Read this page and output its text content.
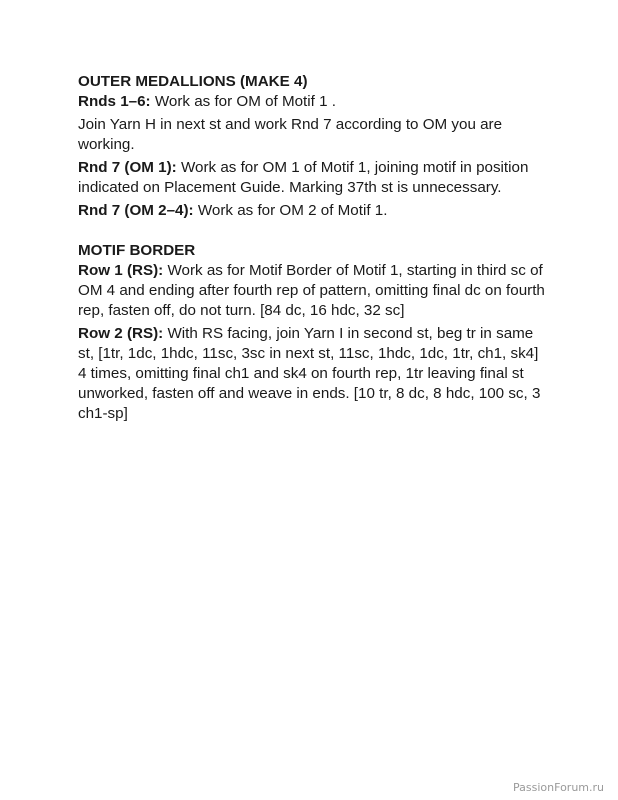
OUTER MEDALLIONS (MAKE 4)

Rnds 1–6: Work as for OM of Motif 1 .

Join Yarn H in next st and work Rnd 7 according to OM you are working.

Rnd 7 (OM 1): Work as for OM 1 of Motif 1, joining motif in position indicated on Placement Guide. Marking 37th st is unnecessary.

Rnd 7 (OM 2–4): Work as for OM 2 of Motif 1.

MOTIF BORDER

Row 1 (RS): Work as for Motif Border of Motif 1, starting in third sc of OM 4 and ending after fourth rep of pattern, omitting final dc on fourth rep, fasten off, do not turn. [84 dc, 16 hdc, 32 sc]

Row 2 (RS): With RS facing, join Yarn I in second st, beg tr in same st, [1tr, 1dc, 1hdc, 11sc, 3sc in next st, 11sc, 1hdc, 1dc, 1tr, ch1, sk4] 4 times, omitting final ch1 and sk4 on fourth rep, 1tr leaving final st unworked, fasten off and weave in ends. [10 tr, 8 dc, 8 hdc, 100 sc, 3 ch1-sp]

PassionForum.ru
